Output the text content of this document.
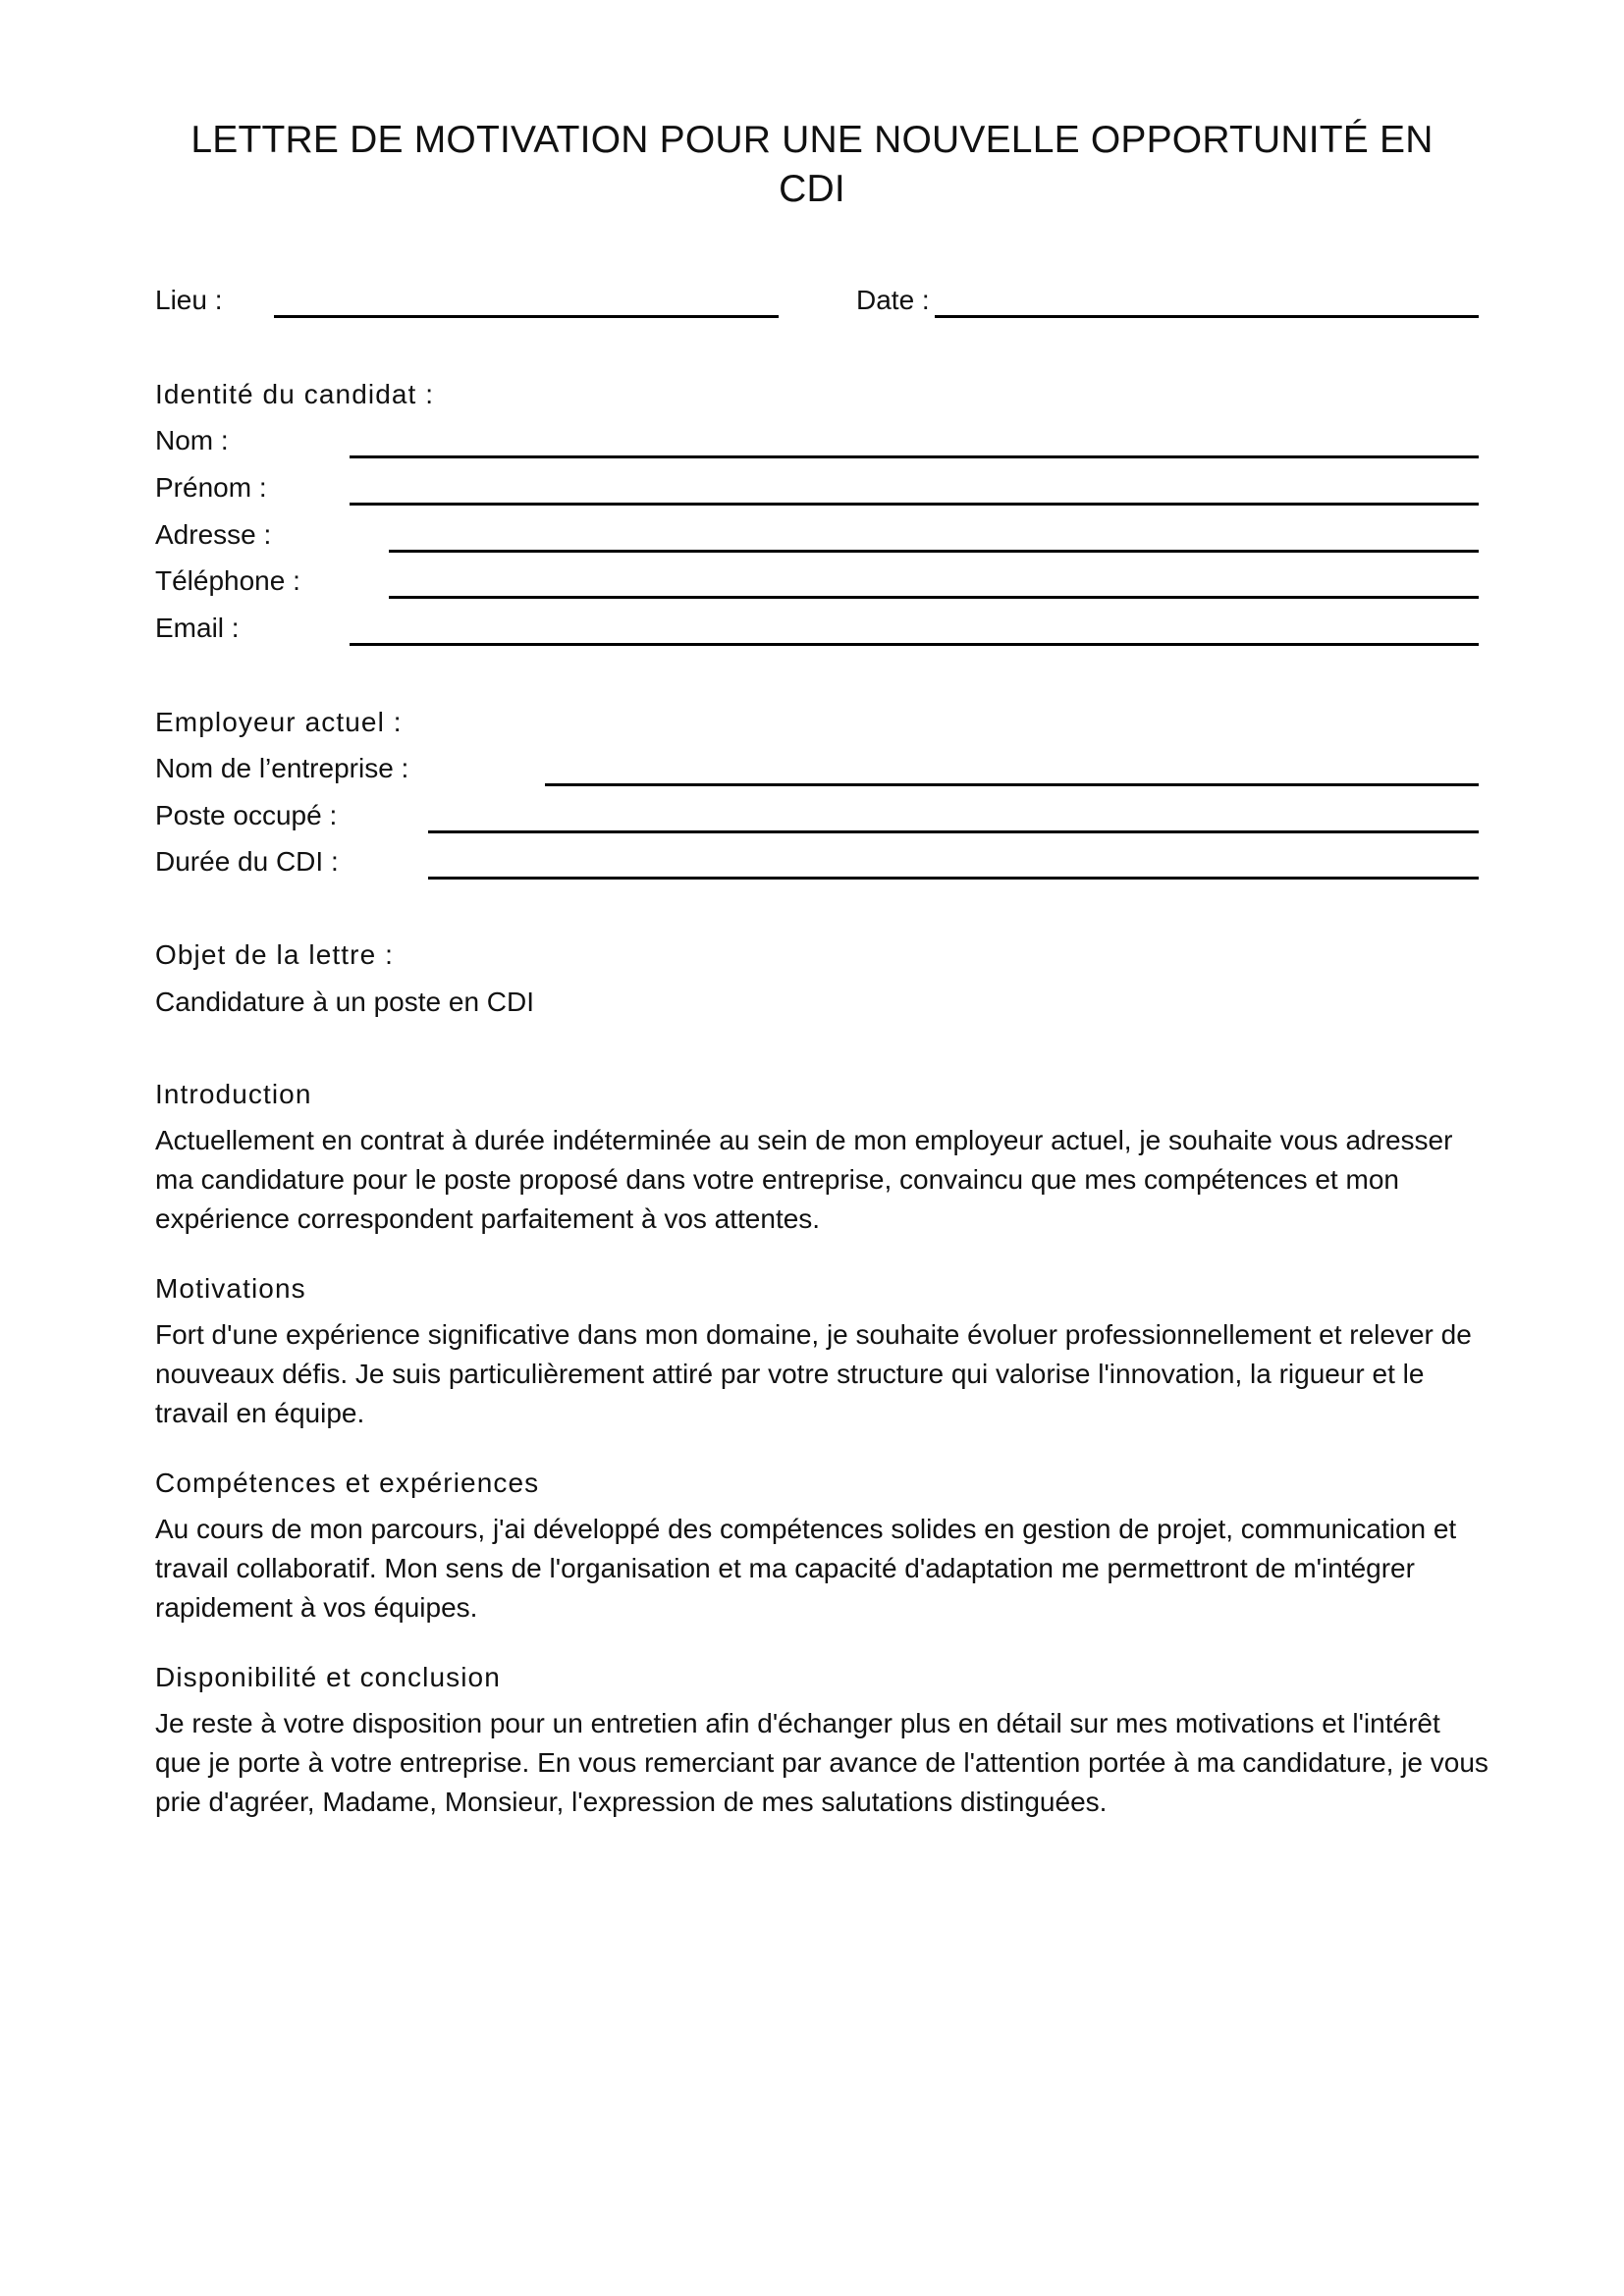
LETTRE DE MOTIVATION POUR UNE NOUVELLE OPPORTUNITÉ EN CDI
Lieu :	Date :
Identité du candidat :
Nom :
Prénom :
Adresse :
Téléphone :
Email :
Employeur actuel :
Nom de l’entreprise :
Poste occupé :
Durée du CDI :
Objet de la lettre :
Candidature à un poste en CDI
Introduction

Actuellement en contrat à durée indéterminée au sein de mon employeur actuel, je souhaite vous adresser ma candidature pour le poste proposé dans votre entreprise, convaincu que mes compétences et mon expérience correspondent parfaitement à vos attentes.

Motivations

Fort d'une expérience significative dans mon domaine, je souhaite évoluer professionnellement et relever de nouveaux défis. Je suis particulièrement attiré par votre structure qui valorise l'innovation, la rigueur et le travail en équipe.

Compétences et expériences

Au cours de mon parcours, j'ai développé des compétences solides en gestion de projet, communication et travail collaboratif. Mon sens de l'organisation et ma capacité d'adaptation me permettront de m'intégrer rapidement à vos équipes.

Disponibilité et conclusion

Je reste à votre disposition pour un entretien afin d'échanger plus en détail sur mes motivations et l'intérêt que je porte à votre entreprise. En vous remerciant par avance de l'attention portée à ma candidature, je vous prie d'agréer, Madame, Monsieur, l'expression de mes salutations distinguées.
